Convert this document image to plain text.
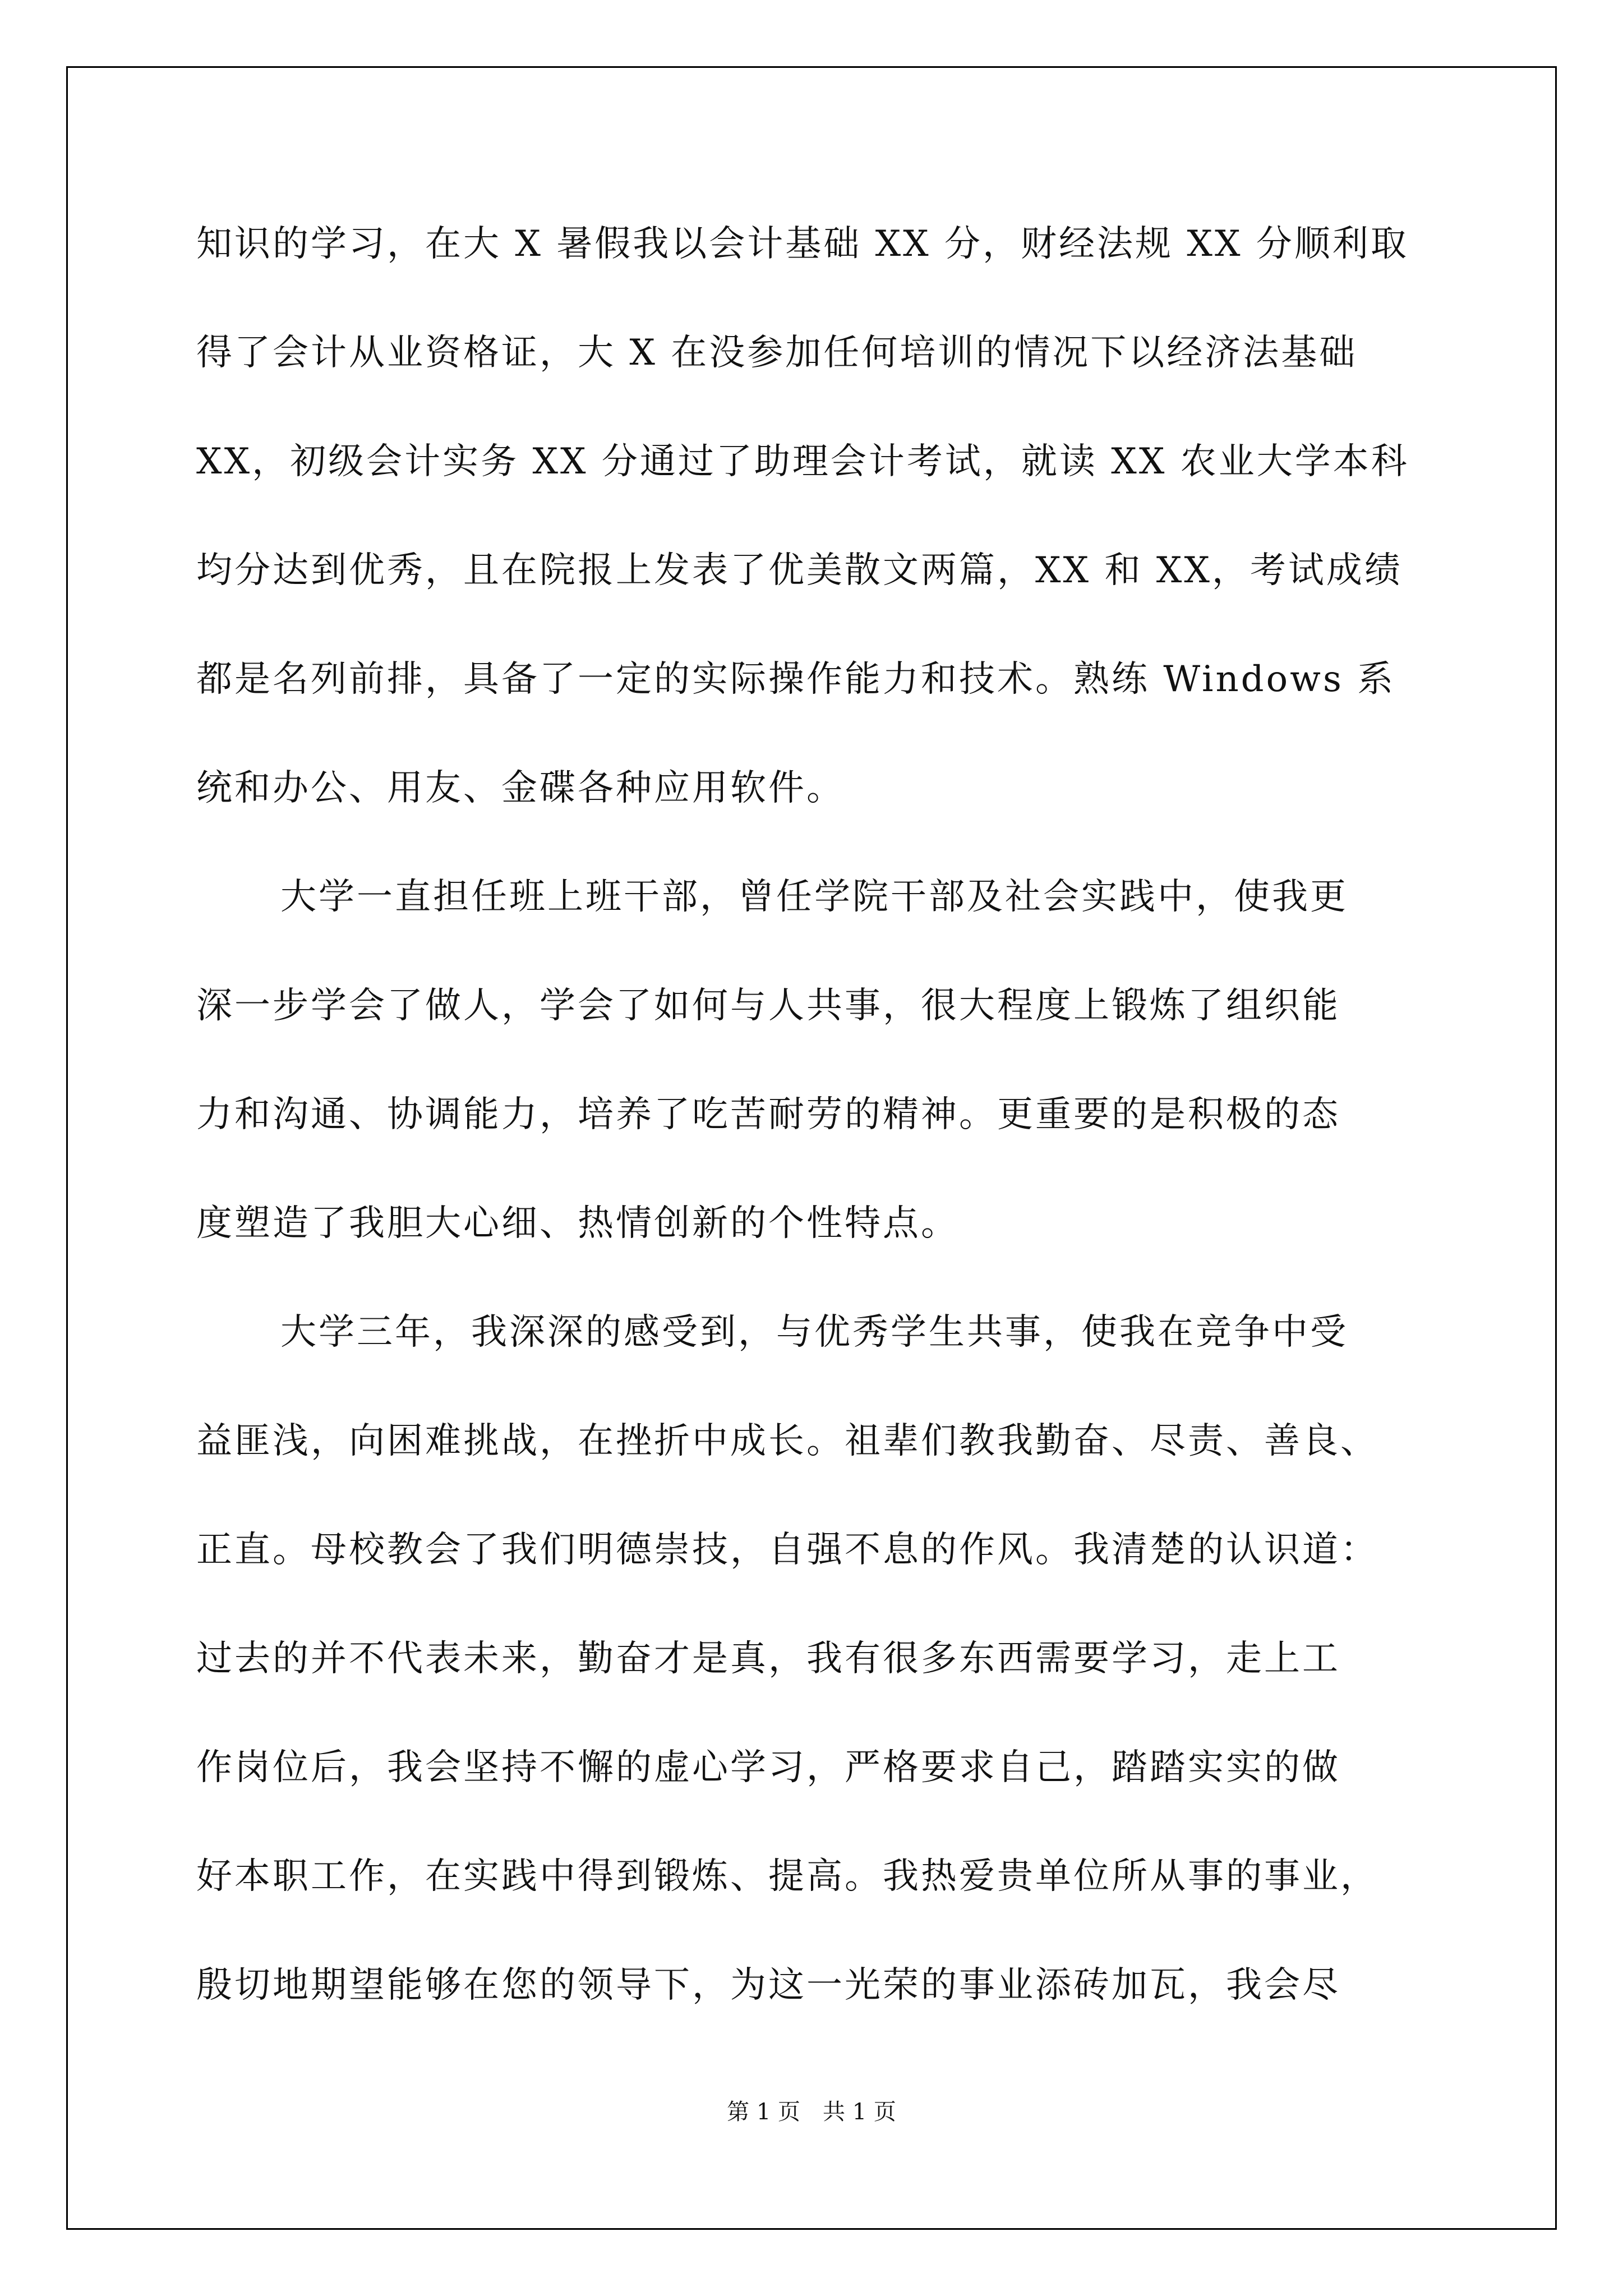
知识的学习，在大 X 暑假我以会计基础 XX 分，财经法规 XX 分顺利取
得了会计从业资格证，大 X 在没参加任何培训的情况下以经济法基础
XX，初级会计实务 XX 分通过了助理会计考试，就读 XX 农业大学本科
均分达到优秀，且在院报上发表了优美散文两篇，XX 和 XX，考试成绩
都是名列前排，具备了一定的实际操作能力和技术。熟练 Windows 系
统和办公、用友、金碟各种应用软件。
大学一直担任班上班干部，曾任学院干部及社会实践中，使我更
深一步学会了做人，学会了如何与人共事，很大程度上锻炼了组织能
力和沟通、协调能力，培养了吃苦耐劳的精神。更重要的是积极的态
度塑造了我胆大心细、热情创新的个性特点。
大学三年，我深深的感受到，与优秀学生共事，使我在竞争中受
益匪浅，向困难挑战，在挫折中成长。祖辈们教我勤奋、尽责、善良、
正直。母校教会了我们明德崇技，自强不息的作风。我清楚的认识道：
过去的并不代表未来，勤奋才是真，我有很多东西需要学习，走上工
作岗位后，我会坚持不懈的虚心学习，严格要求自己，踏踏实实的做
好本职工作，在实践中得到锻炼、提高。我热爱贵单位所从事的事业，
殷切地期望能够在您的领导下，为这一光荣的事业添砖加瓦，我会尽
第 1 页　共 1 页
